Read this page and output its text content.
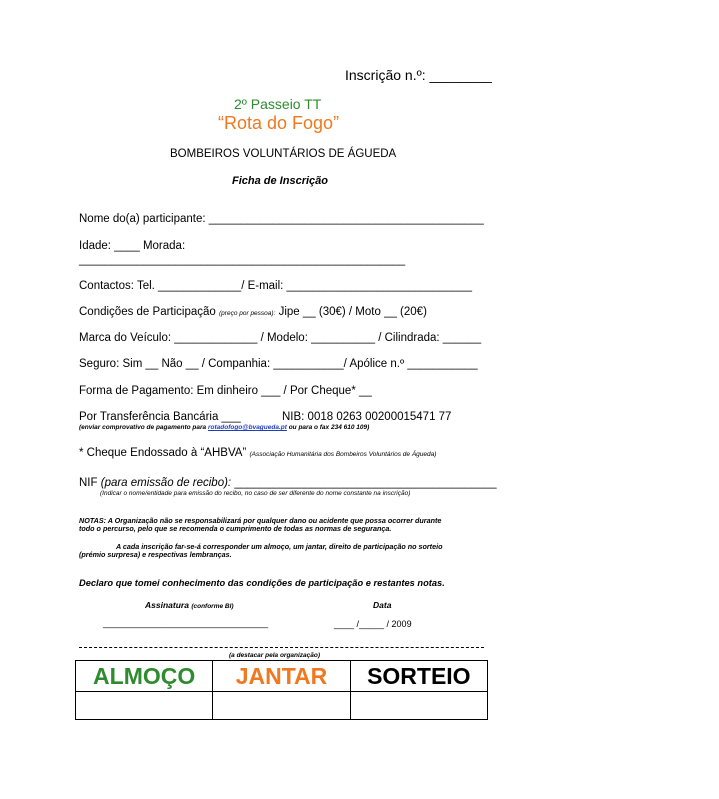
Inscrição n.º: ________
2º Passeio TT
“Rota do Fogo”
BOMBEIROS VOLUNTÁRIOS DE ÁGUEDA
Ficha de Inscrição
Nome do(a) participante: ___________________________________________
Idade: ____ Morada:
___________________________________________________
Contactos: Tel. _____________/ E-mail: _____________________________
Condições de Participação (preço por pessoa): Jipe __ (30€) / Moto __ (20€)
Marca do Veículo: _____________ / Modelo: __________ / Cilindrada: ______
Seguro: Sim __ Não __ / Companhia: ___________/ Apólice n.º ___________
Forma de Pagamento: Em dinheiro ___ / Por Cheque* __
Por Transferência Bancária ___	NIB: 0018 0263 00200015471 77
(enviar comprovativo de pagamento para rotadofogo@bvagueda.pt ou para o fax 234 610 109)
* Cheque Endossado à “AHBVA” (Associação Humanitária dos Bombeiros Voluntários de Águeda)
NIF (para emissão de recibo): _________________________________________
(Indicar o nome/entidade para emissão do recibo, no caso de ser diferente do nome constante na inscrição)
NOTAS: A Organização não se responsabilizará por qualquer dano ou acidente que possa ocorrer durante
todo o percurso, pelo que se recomenda o cumprimento de todas as normas de segurança.
A cada inscrição far-se-á corresponder um almoço, um jantar, direito de participação no sorteio
(prémio surpresa) e respectivas lembranças.
Declaro que tomei conhecimento das condições de participação e restantes notas.
Assinatura (conforme BI)	Data
_________________________________	____ /_____ / 2009
(a destacar pela organização)
ALMOÇO	JANTAR	SORTEIO
